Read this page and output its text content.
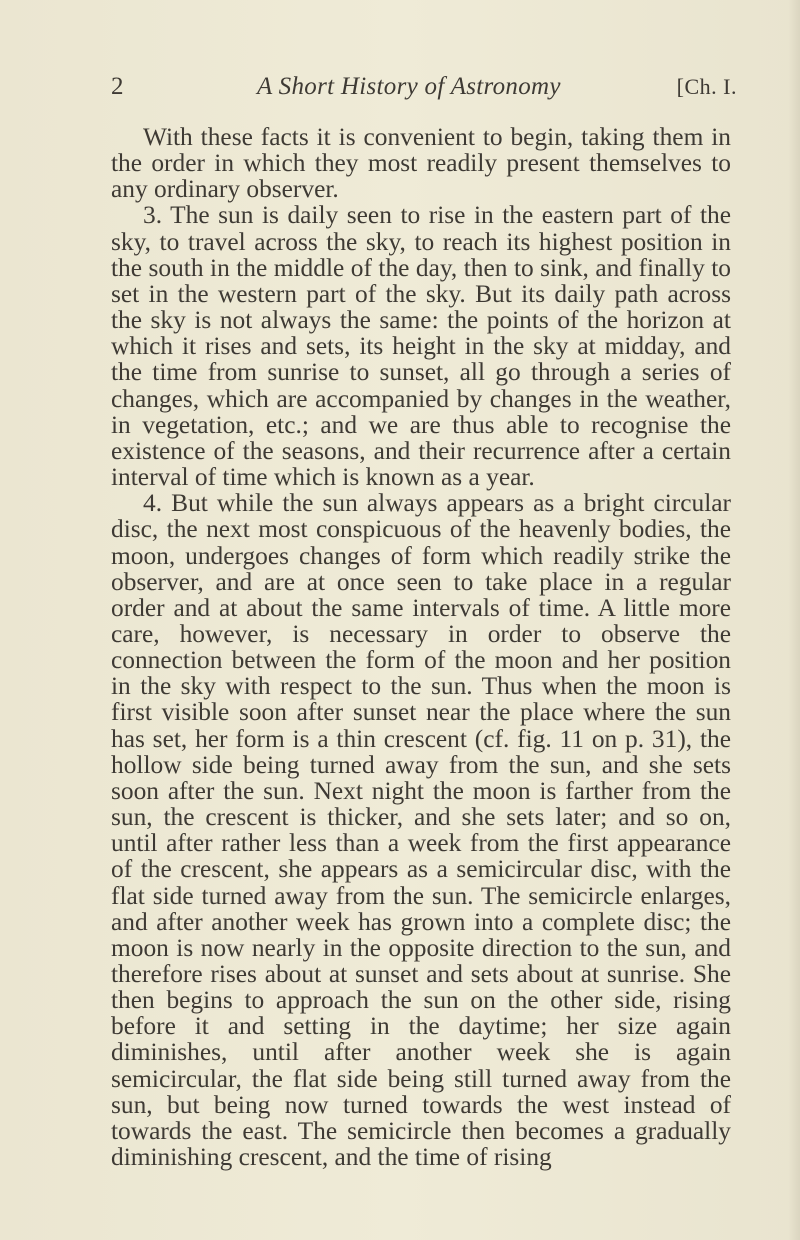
2	A Short History of Astronomy	[Ch. I.

With these facts it is convenient to begin, taking them in the order in which they most readily present themselves to any ordinary observer.

3. The sun is daily seen to rise in the eastern part of the sky, to travel across the sky, to reach its highest position in the south in the middle of the day, then to sink, and finally to set in the western part of the sky. But its daily path across the sky is not always the same: the points of the horizon at which it rises and sets, its height in the sky at midday, and the time from sunrise to sunset, all go through a series of changes, which are accompanied by changes in the weather, in vegetation, etc.; and we are thus able to recognise the existence of the seasons, and their recurrence after a certain interval of time which is known as a year.

4. But while the sun always appears as a bright circular disc, the next most conspicuous of the heavenly bodies, the moon, undergoes changes of form which readily strike the observer, and are at once seen to take place in a regular order and at about the same intervals of time. A little more care, however, is necessary in order to observe the connection between the form of the moon and her position in the sky with respect to the sun. Thus when the moon is first visible soon after sunset near the place where the sun has set, her form is a thin crescent (cf. fig. 11 on p. 31), the hollow side being turned away from the sun, and she sets soon after the sun. Next night the moon is farther from the sun, the crescent is thicker, and she sets later; and so on, until after rather less than a week from the first appearance of the crescent, she appears as a semicircular disc, with the flat side turned away from the sun. The semicircle enlarges, and after another week has grown into a complete disc; the moon is now nearly in the opposite direction to the sun, and therefore rises about at sunset and sets about at sunrise. She then begins to approach the sun on the other side, rising before it and setting in the daytime; her size again diminishes, until after another week she is again semicircular, the flat side being still turned away from the sun, but being now turned towards the west instead of towards the east. The semicircle then becomes a gradually diminishing crescent, and the time of rising
